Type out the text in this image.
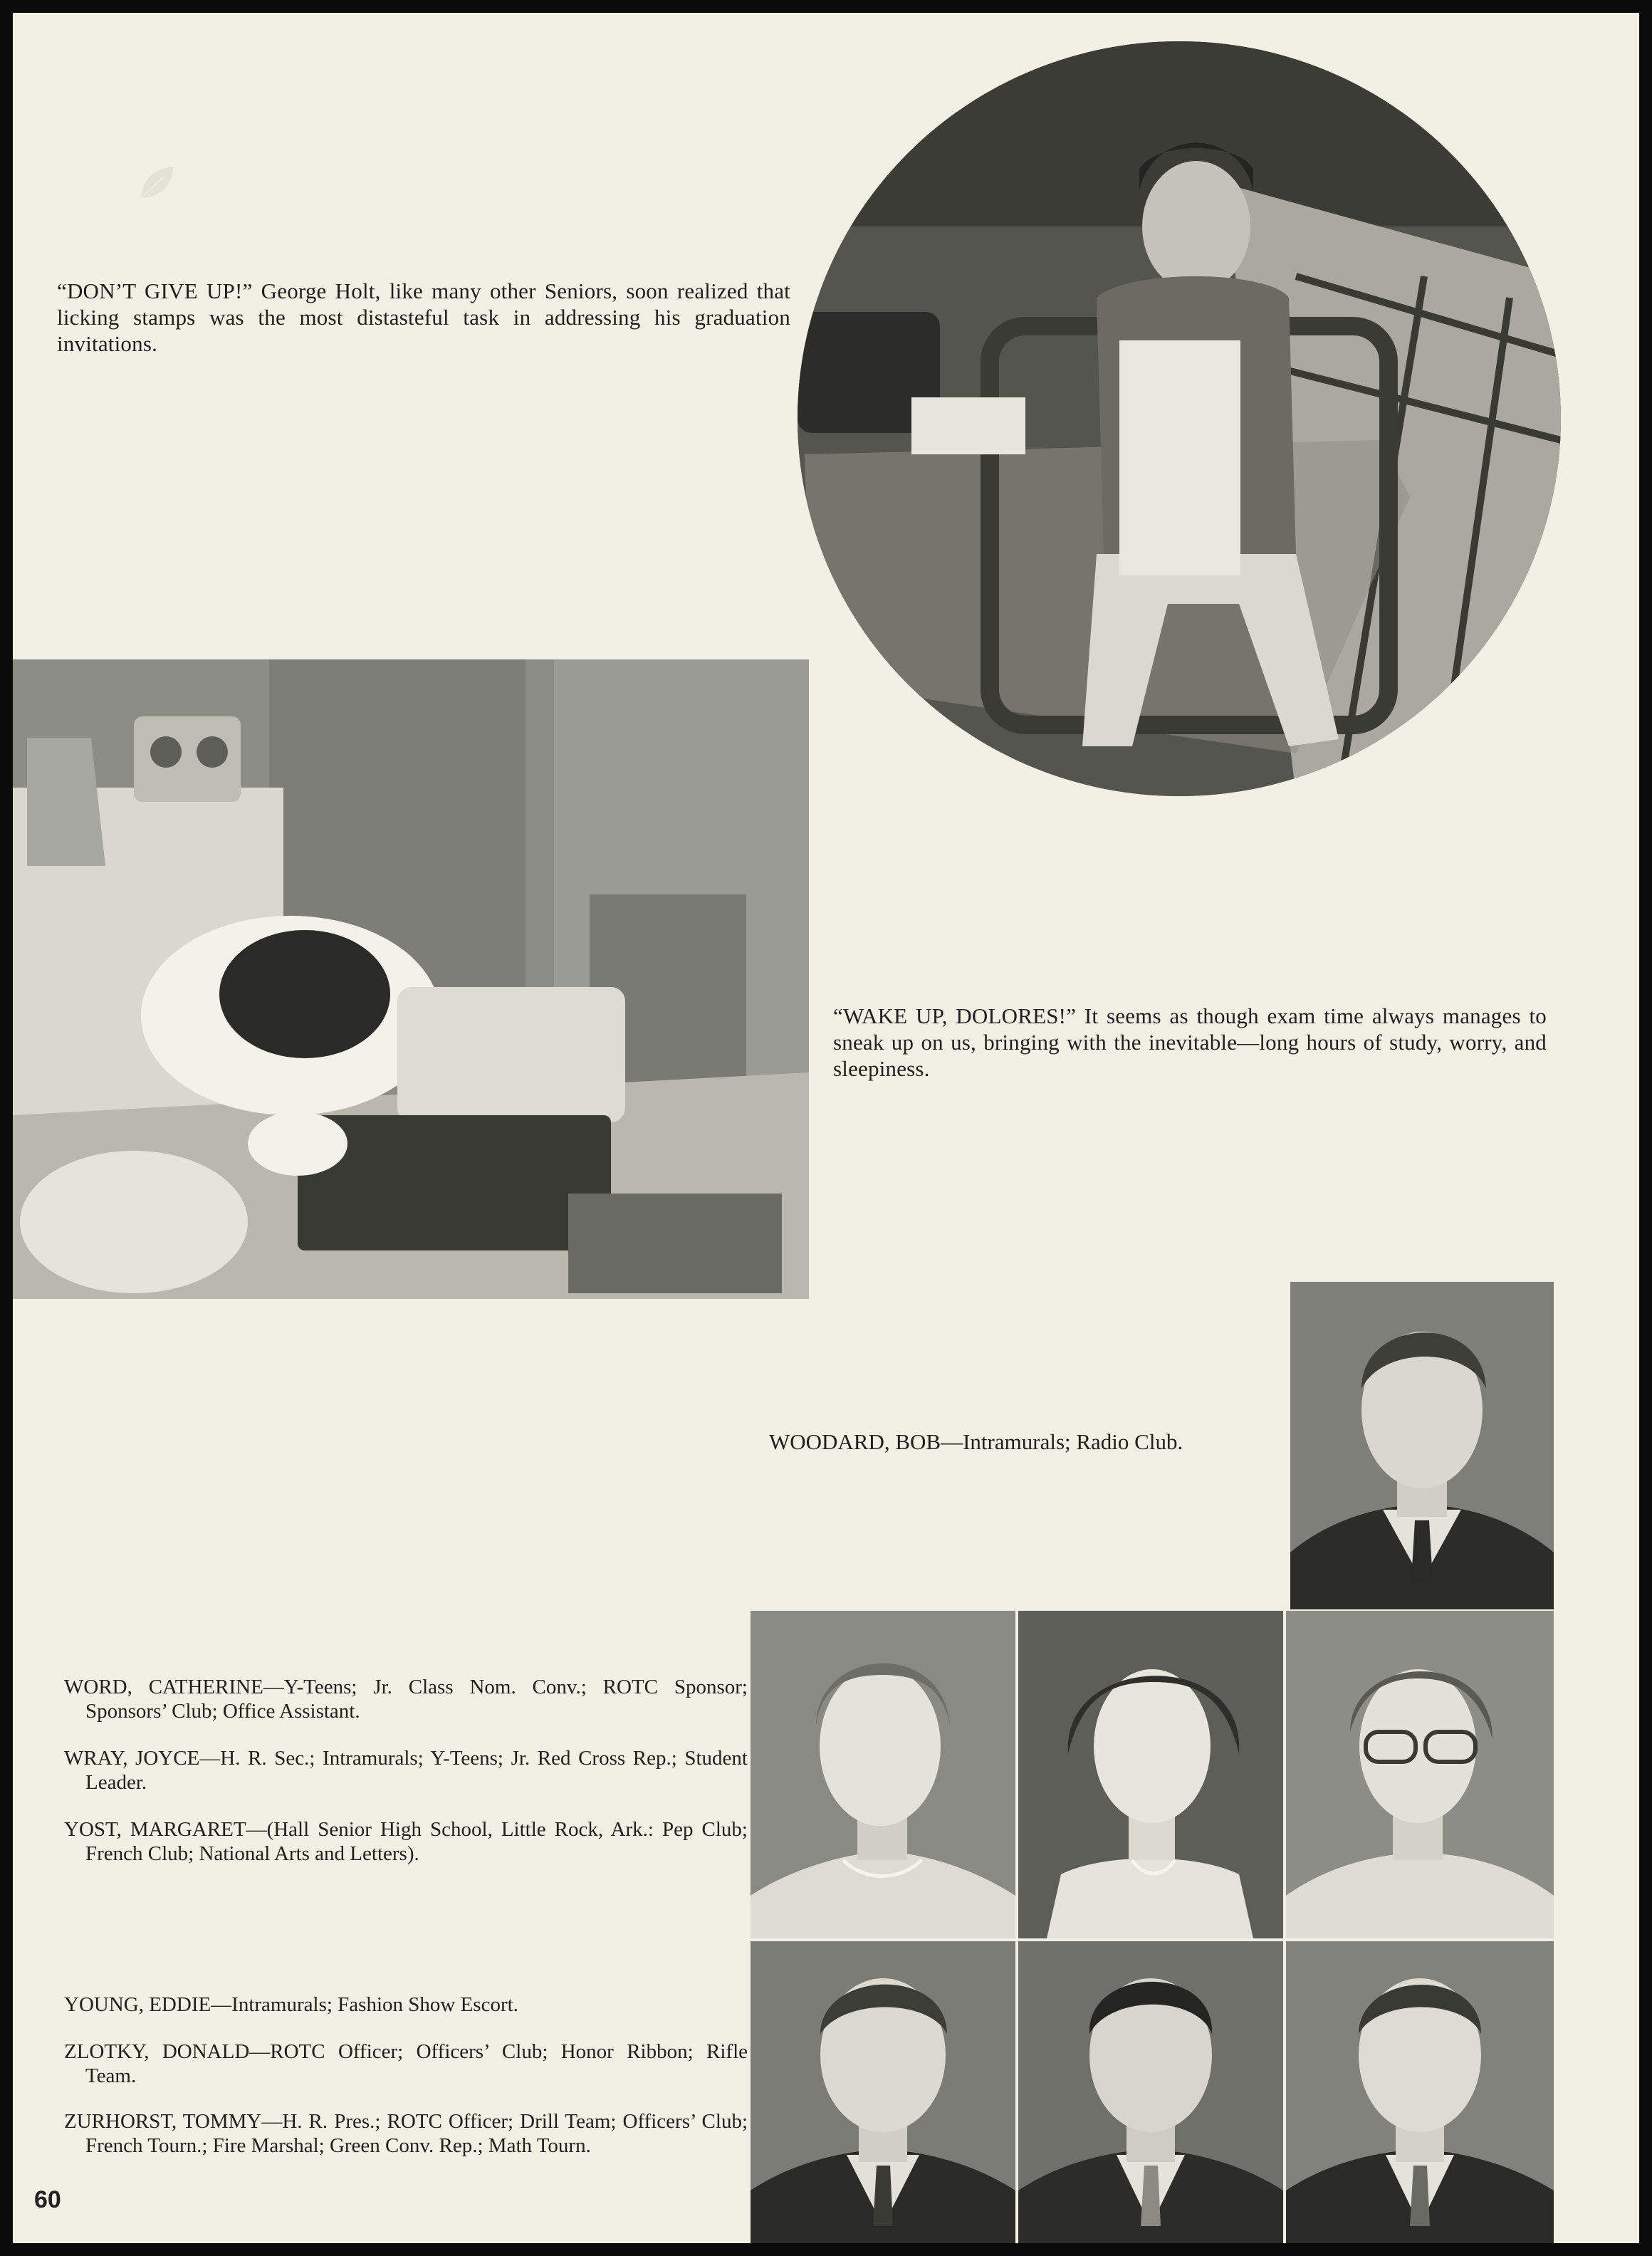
“DON’T GIVE UP!” George Holt, like many other Seniors, soon realized that licking stamps was the most distasteful task in addressing his graduation invitations.

“WAKE UP, DOLORES!” It seems as though exam time always manages to sneak up on us, bringing with the inevitable—long hours of study, worry, and sleepiness.

WOODARD, BOB—Intramurals; Radio Club.
WORD, CATHERINE—Y-Teens; Jr. Class Nom. Conv.; ROTC Sponsor; Sponsors’ Club; Office Assistant.
WRAY, JOYCE—H. R. Sec.; Intramurals; Y-Teens; Jr. Red Cross Rep.; Student Leader.
YOST, MARGARET—(Hall Senior High School, Little Rock, Ark.: Pep Club; French Club; National Arts and Letters).
YOUNG, EDDIE—Intramurals; Fashion Show Escort.
ZLOTKY, DONALD—ROTC Officer; Officers’ Club; Honor Ribbon; Rifle Team.
ZURHORST, TOMMY—H. R. Pres.; ROTC Officer; Drill Team; Officers’ Club; French Tourn.; Fire Marshal; Green Conv. Rep.; Math Tourn.
60
